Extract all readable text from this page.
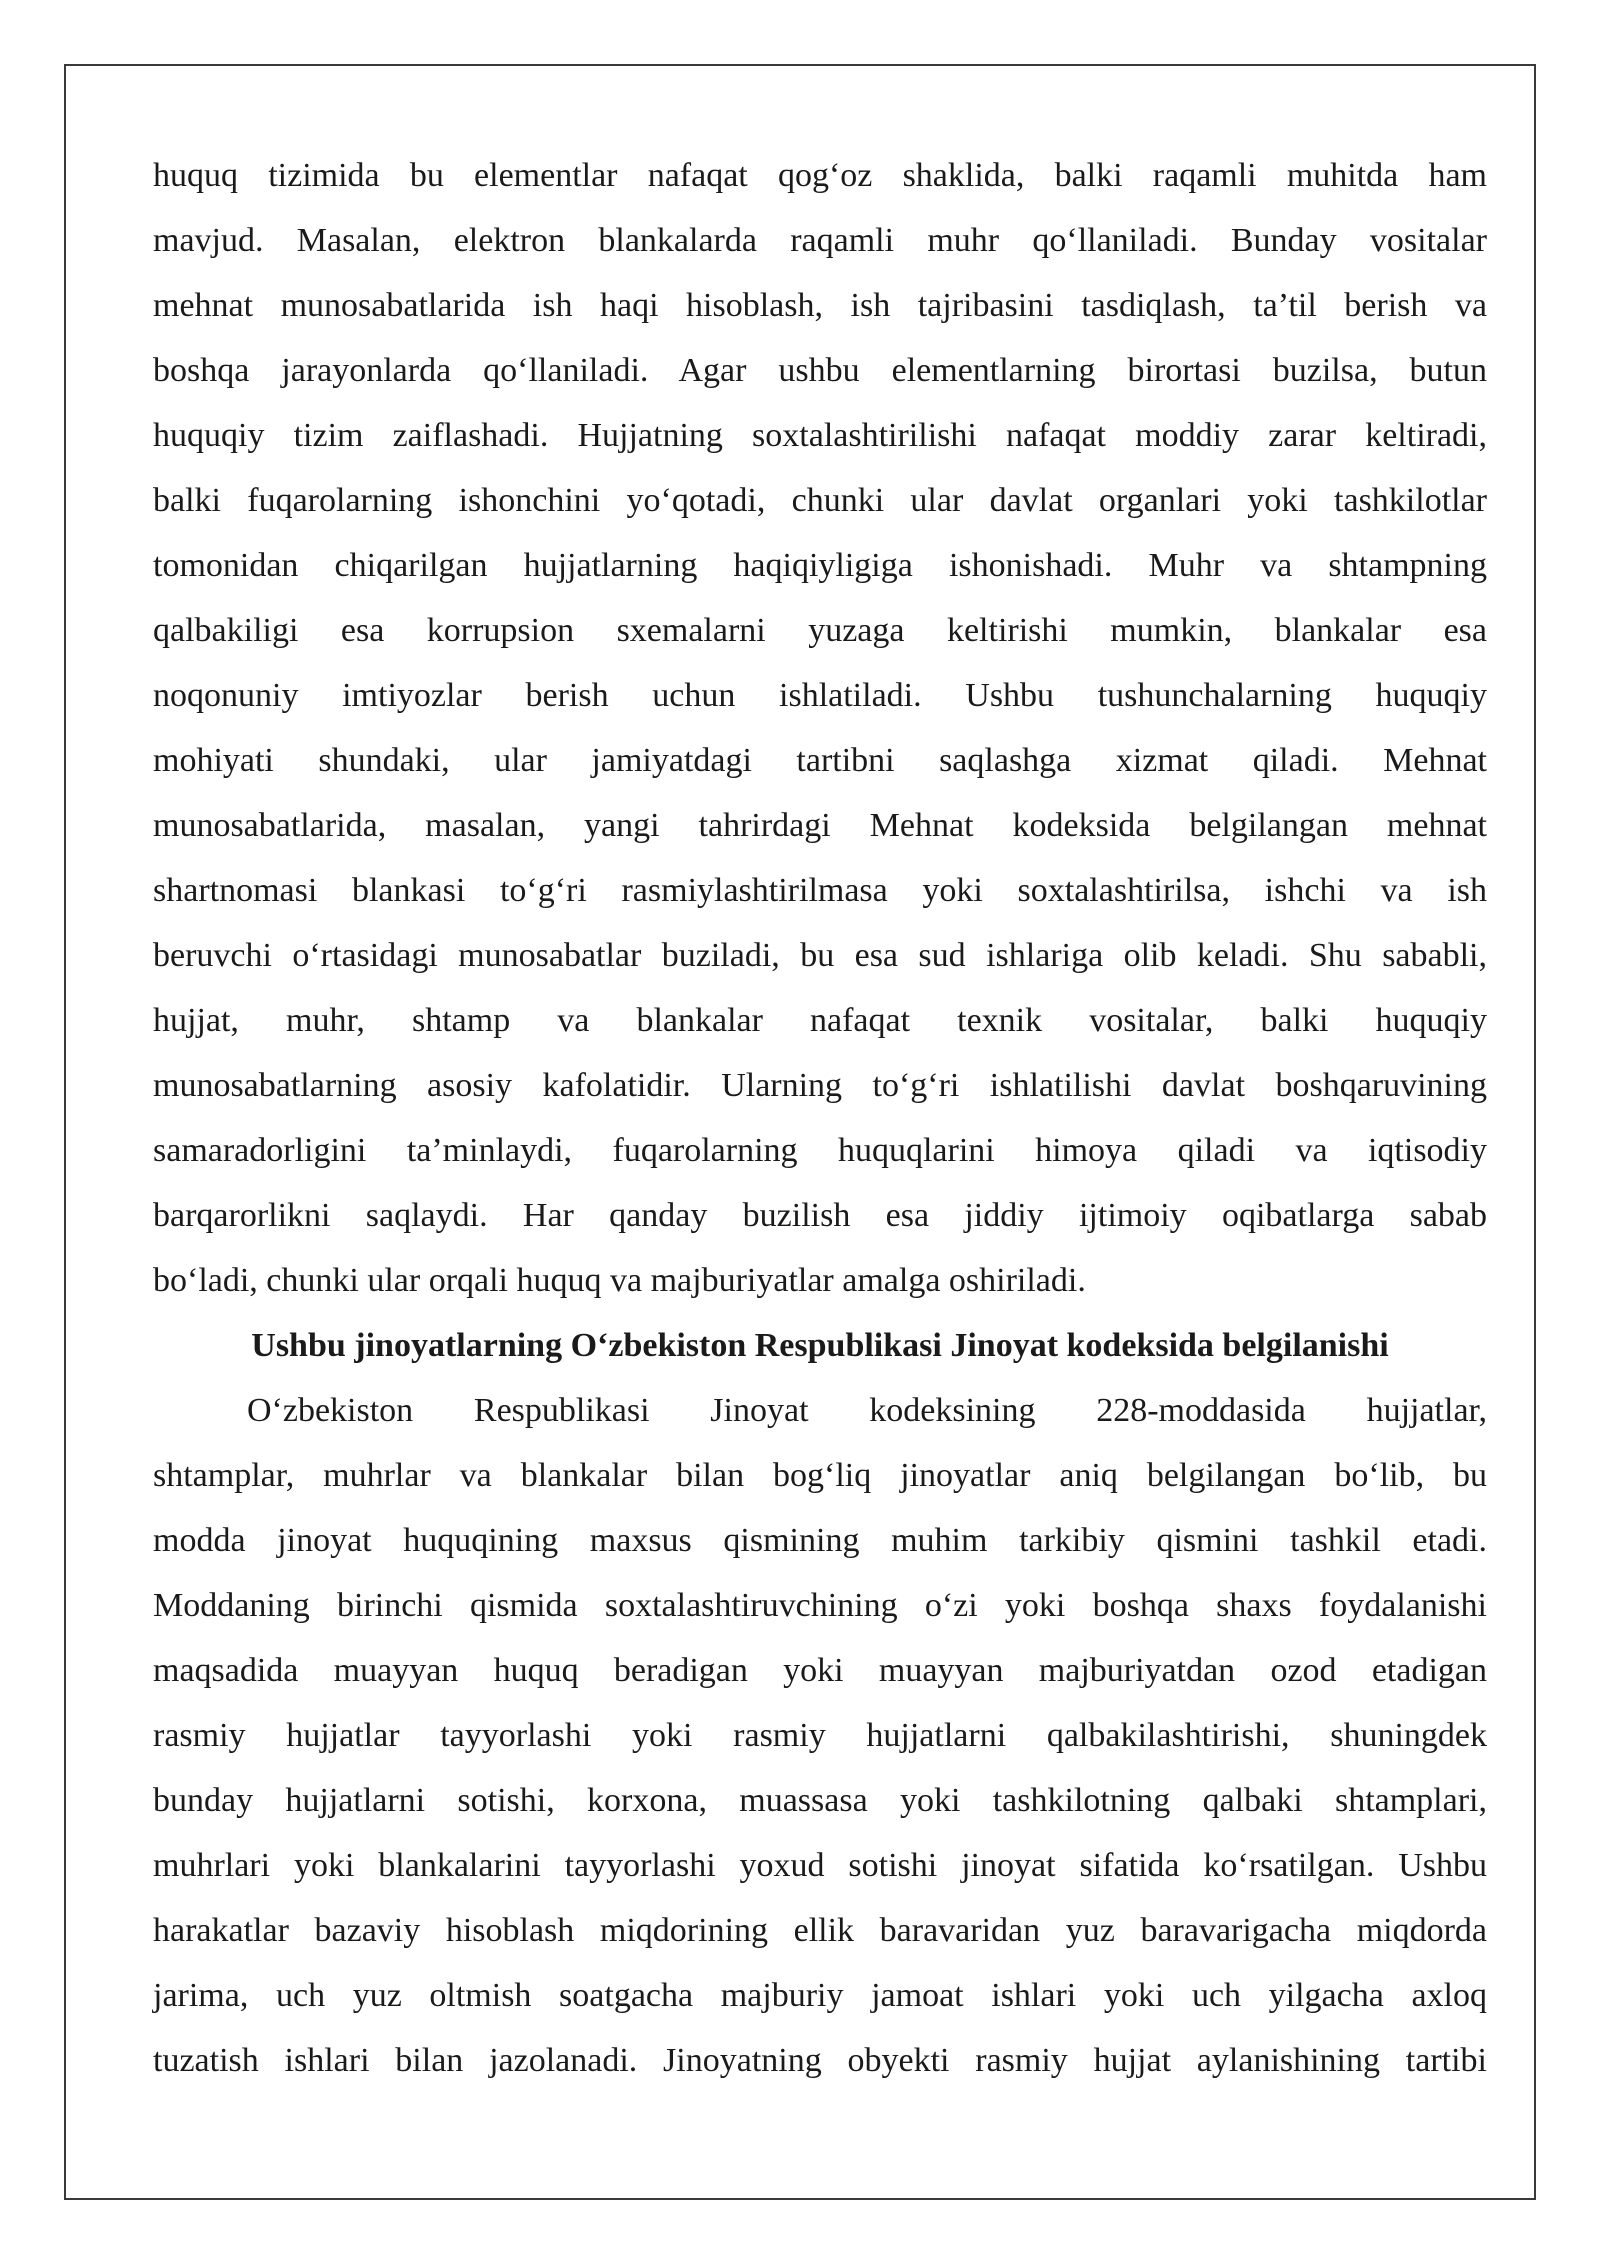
huquq tizimida bu elementlar nafaqat qog‘oz shaklida, balki raqamli muhitda ham
mavjud. Masalan, elektron blankalarda raqamli muhr qo‘llaniladi. Bunday vositalar
mehnat munosabatlarida ish haqi hisoblash, ish tajribasini tasdiqlash, ta’til berish va
boshqa jarayonlarda qo‘llaniladi. Agar ushbu elementlarning birortasi buzilsa, butun
huquqiy tizim zaiflashadi. Hujjatning soxtalashtirilishi nafaqat moddiy zarar keltiradi,
balki fuqarolarning ishonchini yo‘qotadi, chunki ular davlat organlari yoki tashkilotlar
tomonidan chiqarilgan hujjatlarning haqiqiyligiga ishonishadi. Muhr va shtampning
qalbakiligi esa korrupsion sxemalarni yuzaga keltirishi mumkin, blankalar esa
noqonuniy imtiyozlar berish uchun ishlatiladi. Ushbu tushunchalarning huquqiy
mohiyati shundaki, ular jamiyatdagi tartibni saqlashga xizmat qiladi. Mehnat
munosabatlarida, masalan, yangi tahrirdagi Mehnat kodeksida belgilangan mehnat
shartnomasi blankasi to‘g‘ri rasmiylashtirilmasa yoki soxtalashtirilsa, ishchi va ish
beruvchi o‘rtasidagi munosabatlar buziladi, bu esa sud ishlariga olib keladi. Shu sababli,
hujjat, muhr, shtamp va blankalar nafaqat texnik vositalar, balki huquqiy
munosabatlarning asosiy kafolatidir. Ularning to‘g‘ri ishlatilishi davlat boshqaruvining
samaradorligini ta’minlaydi, fuqarolarning huquqlarini himoya qiladi va iqtisodiy
barqarorlikni saqlaydi. Har qanday buzilish esa jiddiy ijtimoiy oqibatlarga sabab
bo‘ladi, chunki ular orqali huquq va majburiyatlar amalga oshiriladi.
Ushbu jinoyatlarning O‘zbekiston Respublikasi Jinoyat kodeksida belgilanishi
O‘zbekiston Respublikasi Jinoyat kodeksining 228-moddasida hujjatlar,
shtamplar, muhrlar va blankalar bilan bog‘liq jinoyatlar aniq belgilangan bo‘lib, bu
modda jinoyat huquqining maxsus qismining muhim tarkibiy qismini tashkil etadi.
Moddaning birinchi qismida soxtalashtiruvchining o‘zi yoki boshqa shaxs foydalanishi
maqsadida muayyan huquq beradigan yoki muayyan majburiyatdan ozod etadigan
rasmiy hujjatlar tayyorlashi yoki rasmiy hujjatlarni qalbakilashtirishi, shuningdek
bunday hujjatlarni sotishi, korxona, muassasa yoki tashkilotning qalbaki shtamplari,
muhrlari yoki blankalarini tayyorlashi yoxud sotishi jinoyat sifatida ko‘rsatilgan. Ushbu
harakatlar bazaviy hisoblash miqdorining ellik baravaridan yuz baravarigacha miqdorda
jarima, uch yuz oltmish soatgacha majburiy jamoat ishlari yoki uch yilgacha axloq
tuzatish ishlari bilan jazolanadi. Jinoyatning obyekti rasmiy hujjat aylanishining tartibi
